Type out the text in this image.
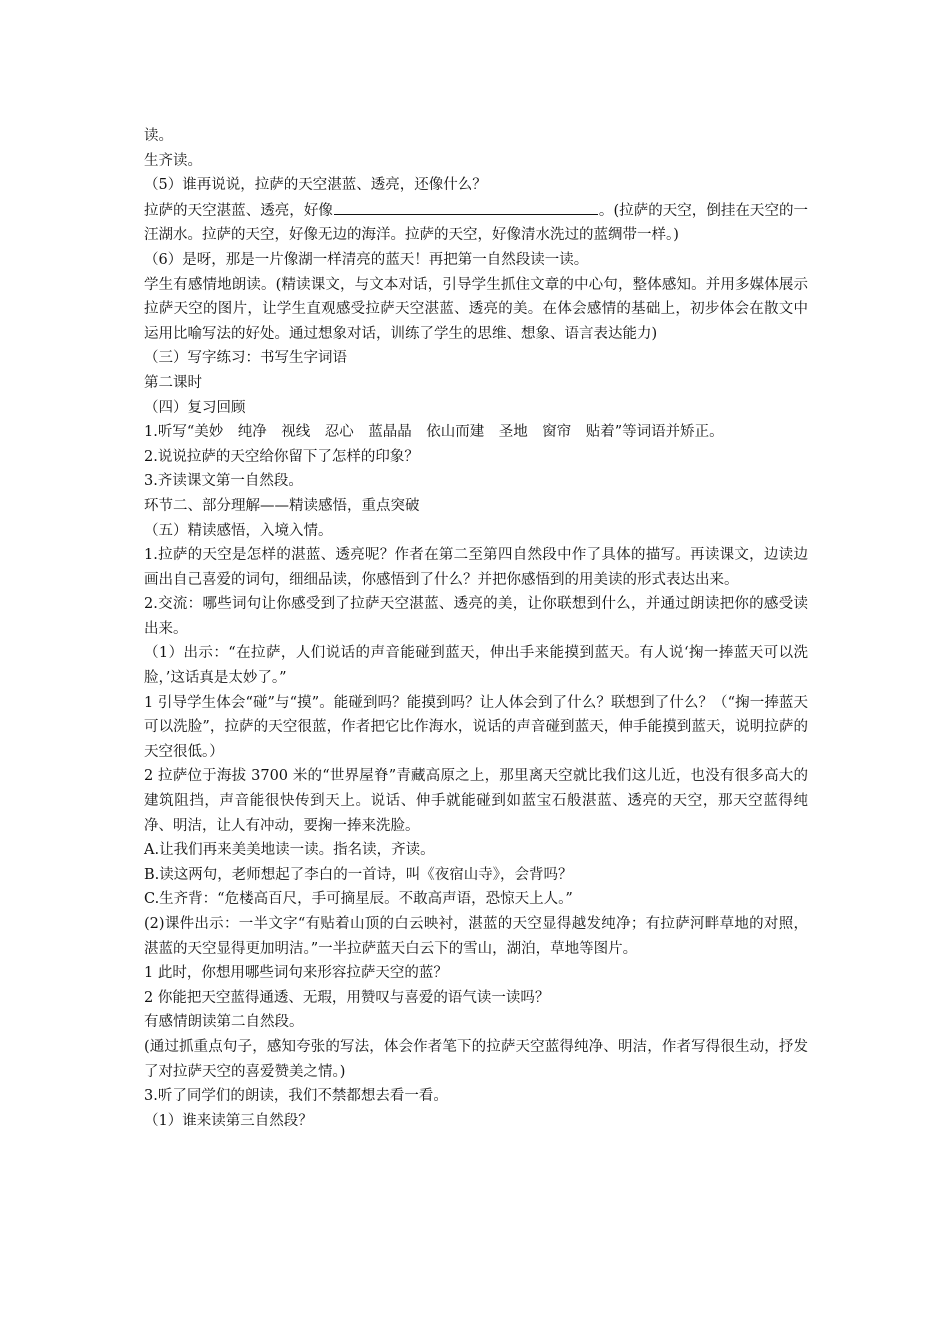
读。

生齐读。

（5）谁再说说，拉萨的天空湛蓝、透亮，还像什么？

拉萨的天空湛蓝、透亮，好像	。(拉萨的天空，倒挂在天空的一汪湖水。拉萨的天空，好像无边的海洋。拉萨的天空，好像清水洗过的蓝绸带一样。)

（6）是呀，那是一片像湖一样清亮的蓝天！再把第一自然段读一读。

学生有感情地朗读。(精读课文，与文本对话，引导学生抓住文章的中心句，整体感知。并用多媒体展示拉萨天空的图片，让学生直观感受拉萨天空湛蓝、透亮的美。在体会感情的基础上，初步体会在散文中运用比喻写法的好处。通过想象对话，训练了学生的思维、想象、语言表达能力)

（三）写字练习：书写生字词语

第二课时

（四）复习回顾

1.听写“美妙　纯净　视线　忍心　蓝晶晶　依山而建　圣地　窗帘　贴着”等词语并矫正。

2.说说拉萨的天空给你留下了怎样的印象？

3.齐读课文第一自然段。

环节二、部分理解——精读感悟，重点突破

（五）精读感悟，入境入情。

1.拉萨的天空是怎样的湛蓝、透亮呢？作者在第二至第四自然段中作了具体的描写。再读课文，边读边画出自己喜爱的词句，细细品读，你感悟到了什么？并把你感悟到的用美读的形式表达出来。

2.交流：哪些词句让你感受到了拉萨天空湛蓝、透亮的美，让你联想到什么，并通过朗读把你的感受读出来。

（1）出示：“在拉萨，人们说话的声音能碰到蓝天，伸出手来能摸到蓝天。有人说‘掬一捧蓝天可以洗脸，’这话真是太妙了。”

1 引导学生体会“碰”与“摸”。能碰到吗？能摸到吗？让人体会到了什么？联想到了什么？（“掬一捧蓝天可以洗脸”，拉萨的天空很蓝，作者把它比作海水，说话的声音碰到蓝天，伸手能摸到蓝天，说明拉萨的天空很低。）

2 拉萨位于海拔 3700 米的“世界屋脊”青藏高原之上，那里离天空就比我们这儿近，也没有很多高大的建筑阻挡，声音能很快传到天上。说话、伸手就能碰到如蓝宝石般湛蓝、透亮的天空，那天空蓝得纯净、明洁，让人有冲动，要掬一捧来洗脸。

A.让我们再来美美地读一读。指名读，齐读。

B.读这两句，老师想起了李白的一首诗，叫《夜宿山寺》，会背吗？

C.生齐背：“危楼高百尺，手可摘星辰。不敢高声语，恐惊天上人。”

(2)课件出示：一半文字“有贴着山顶的白云映衬，湛蓝的天空显得越发纯净；有拉萨河畔草地的对照，湛蓝的天空显得更加明洁。”一半拉萨蓝天白云下的雪山，湖泊，草地等图片。

1 此时，你想用哪些词句来形容拉萨天空的蓝？

2 你能把天空蓝得通透、无瑕，用赞叹与喜爱的语气读一读吗？

有感情朗读第二自然段。

(通过抓重点句子，感知夸张的写法，体会作者笔下的拉萨天空蓝得纯净、明洁，作者写得很生动，抒发了对拉萨天空的喜爱赞美之情。)

3.听了同学们的朗读，我们不禁都想去看一看。

（1）谁来读第三自然段？
